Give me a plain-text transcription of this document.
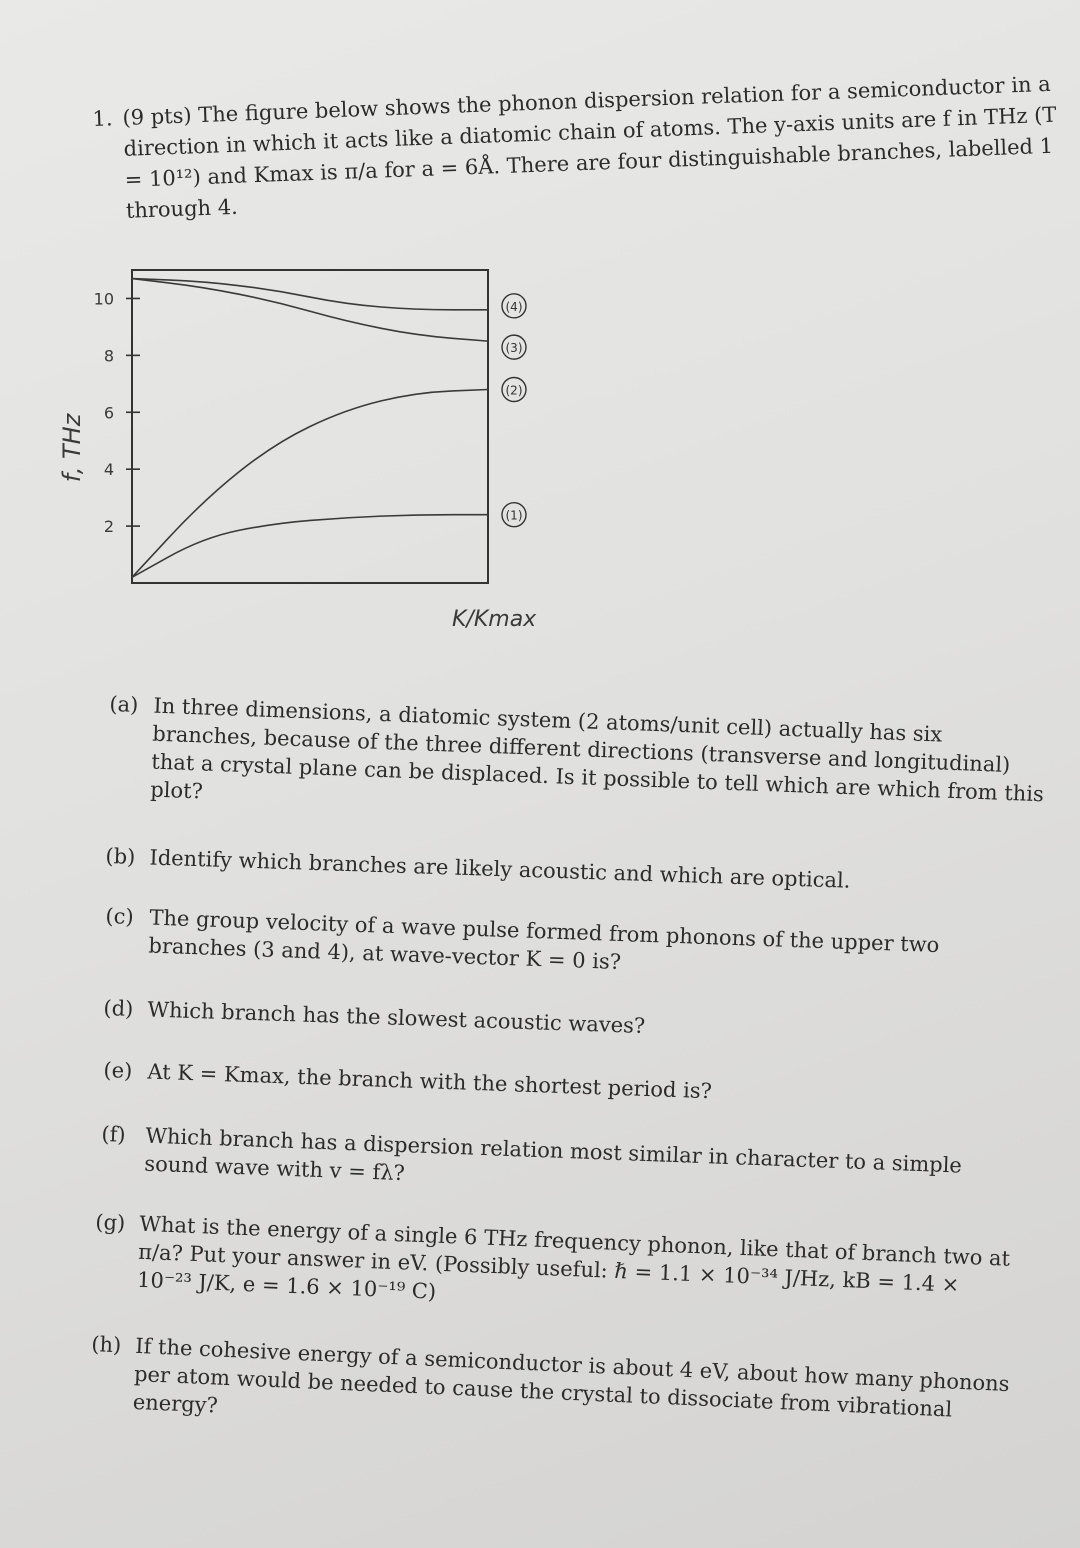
1. (9 pts) The figure below shows the phonon dispersion relation for a semiconductor in a direction in which it acts like a diatomic chain of atoms. The y-axis units are f in THz (T = 10¹²) and Kmax is π/a for a = 6Å. There are four distinguishable branches, labelled 1 through 4.
f, THz
K/Kmax
2
4
6
8
10	(4)
(3)
(2)
(1)
(a) In three dimensions, a diatomic system (2 atoms/unit cell) actually has six branches, because of the three different directions (transverse and longitudinal) that a crystal plane can be displaced. Is it possible to tell which are which from this plot?
(b) Identify which branches are likely acoustic and which are optical.
(c) The group velocity of a wave pulse formed from phonons of the upper two branches (3 and 4), at wave-vector K = 0 is?
(d) Which branch has the slowest acoustic waves?
(e) At K = Kmax, the branch with the shortest period is?
(f) Which branch has a dispersion relation most similar in character to a simple sound wave with v = fλ?
(g) What is the energy of a single 6 THz frequency phonon, like that of branch two at π/a? Put your answer in eV. (Possibly useful: ℏ = 1.1 × 10⁻³⁴ J/Hz, kB = 1.4 × 10⁻²³ J/K, e = 1.6 × 10⁻¹⁹ C)
(h) If the cohesive energy of a semiconductor is about 4 eV, about how many phonons per atom would be needed to cause the crystal to dissociate from vibrational energy?
